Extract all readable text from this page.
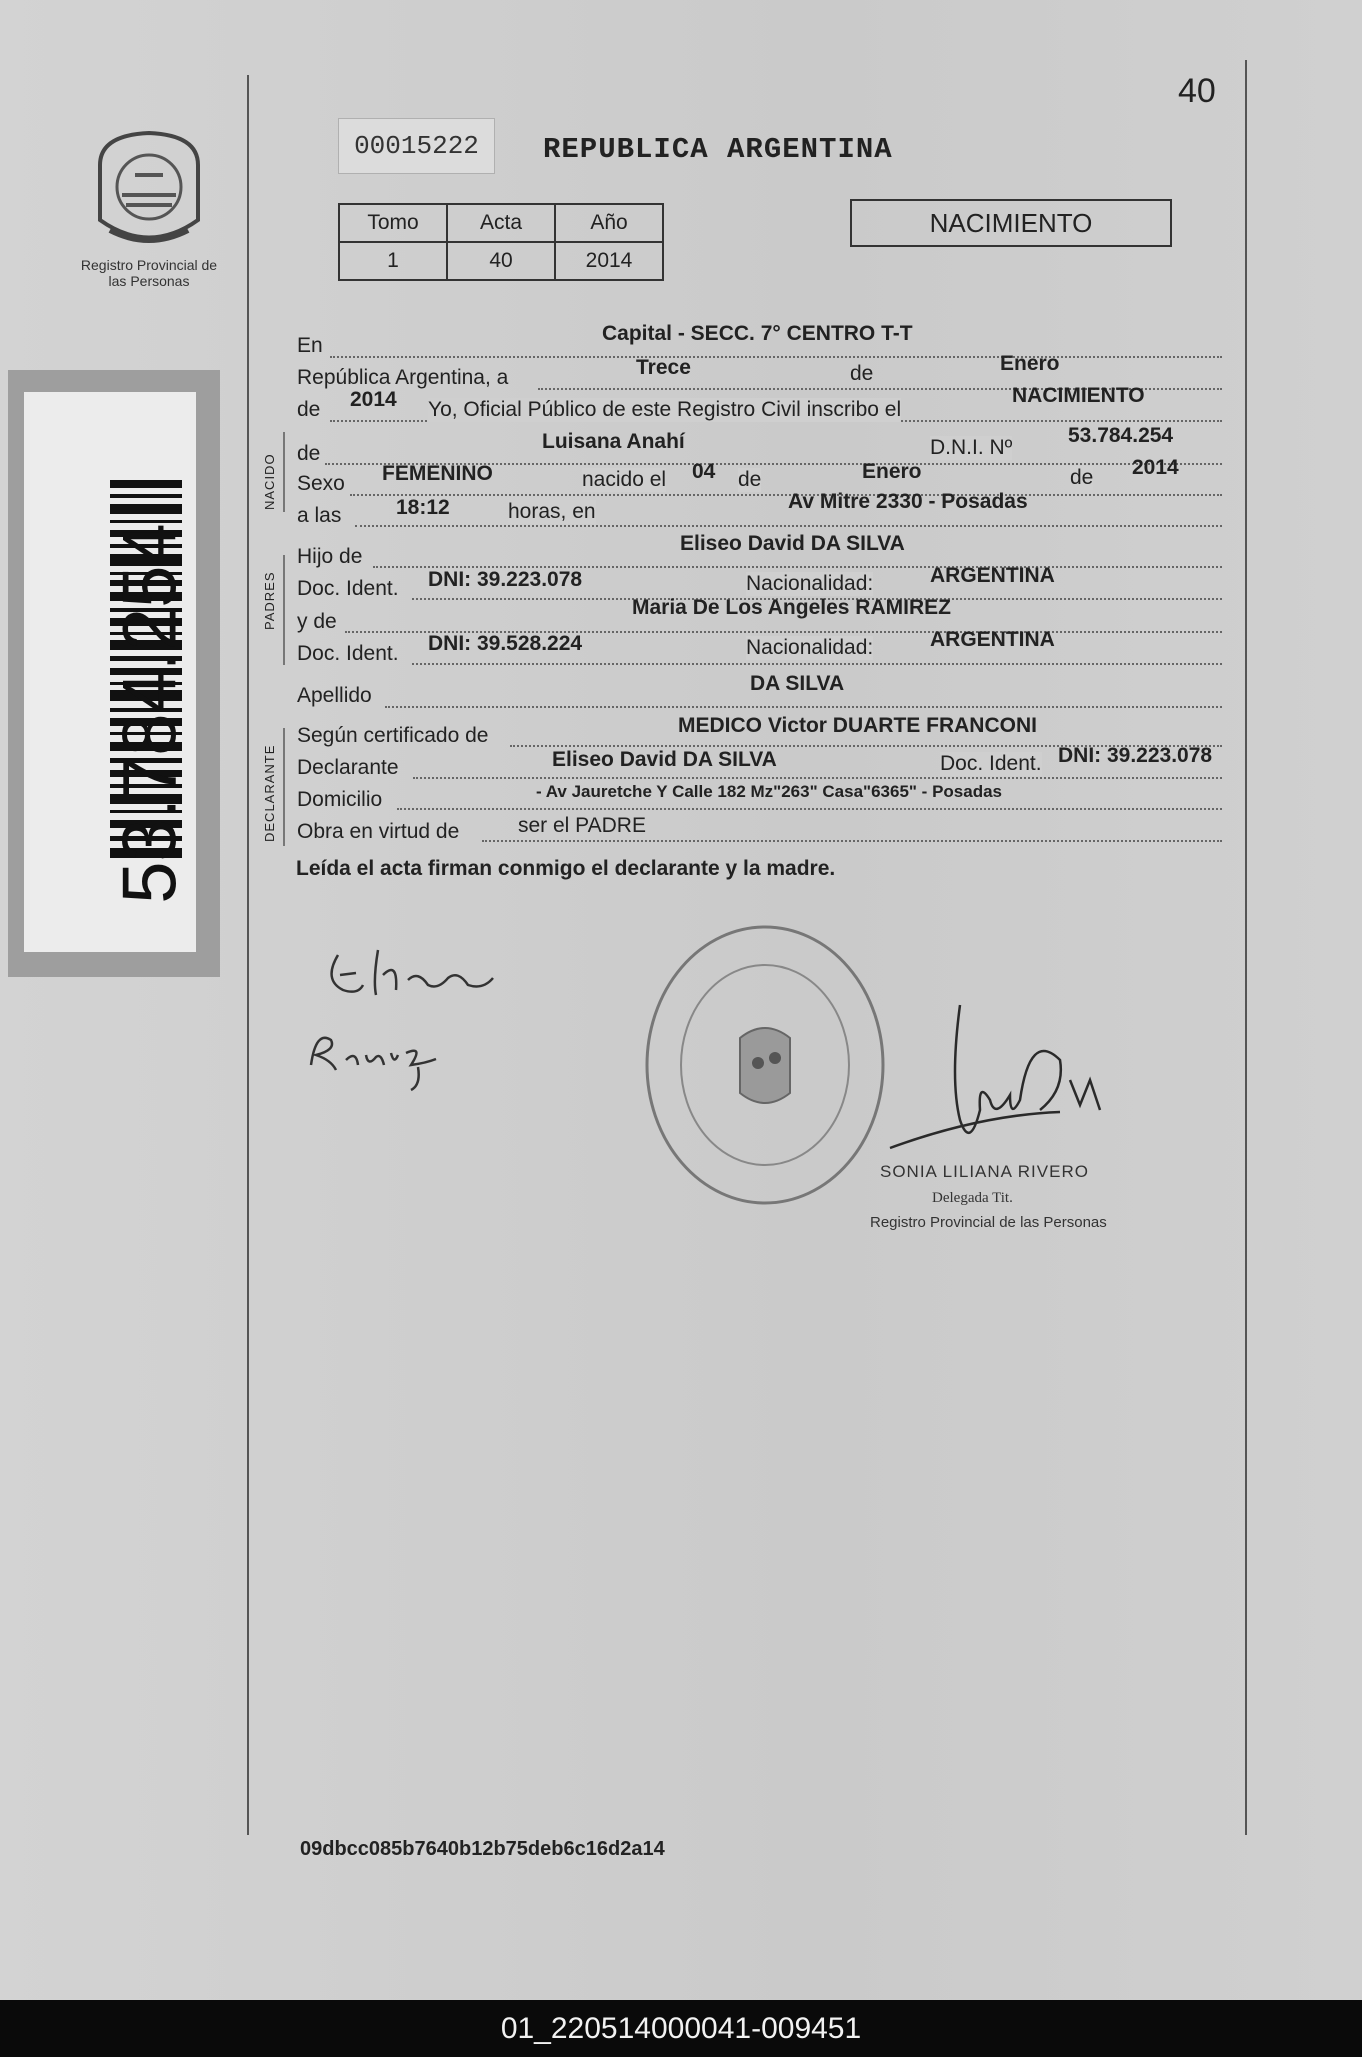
Registro Provincial de las Personas
53.784.254
00015222	REPUBLICA ARGENTINA
40
Tomo	Acta	Año
1	40	2014
NACIMIENTO
NACIDO
PADRES
DECLARANTE
En
Capital - SECC. 7° CENTRO T-T
República Argentina, a	Trece	de	Enero
de 2014 Yo, Oficial Público de este Registro Civil inscribo el
NACIMIENTO
de
Luisana Anahí	D.N.I. Nº
53.784.254
Sexo FEMENINO	nacido el 04 de	Enero	de 2014
a las	18:12	horas, en	Av Mitre 2330 - Posadas
Hijo de
Eliseo David DA SILVA
Doc. Ident. DNI: 39.223.078	Nacionalidad:	ARGENTINA
y de
Maria De Los Angeles RAMIREZ
Doc. Ident. DNI: 39.528.224	Nacionalidad:	ARGENTINA
Apellido
DA SILVA
Según certificado de	MEDICO Victor DUARTE FRANCONI
Declarante	Eliseo David DA SILVA	Doc. Ident. DNI: 39.223.078
Domicilio	- Av Jauretche Y Calle 182 Mz"263" Casa"6365" - Posadas
Obra en virtud de	ser el PADRE
Leída el acta firman conmigo el declarante y la madre.
SONIA LILIANA RIVERO
Delegada Tit.
Registro Provincial de las Personas
09dbcc085b7640b12b75deb6c16d2a14
01_220514000041-009451
